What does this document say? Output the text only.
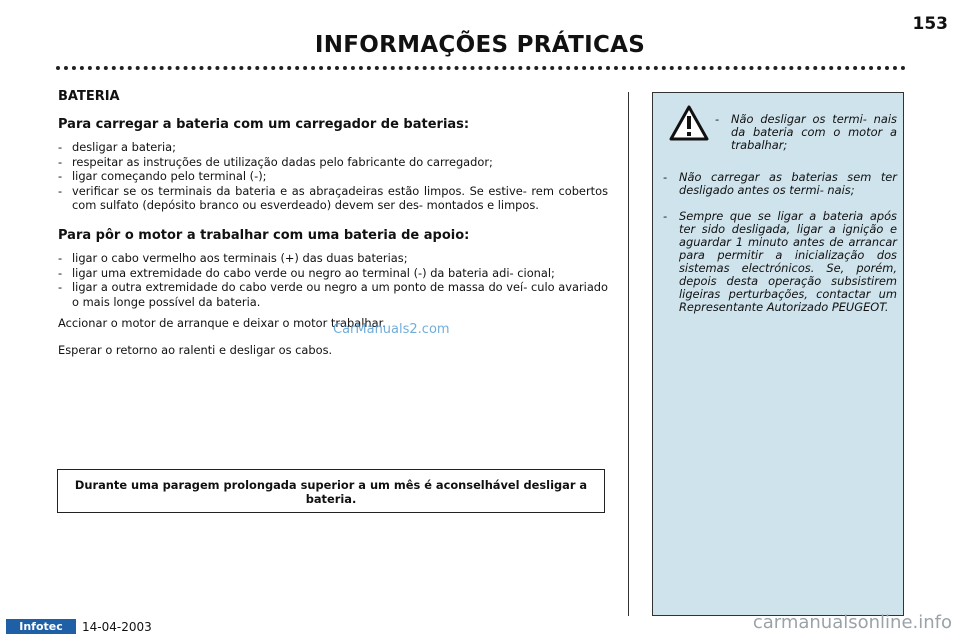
153
INFORMAÇÕES PRÁTICAS
BATERIA
Para carregar a bateria com um carregador de baterias:
- desligar a bateria;
- respeitar as instruções de utilização dadas pelo fabricante do carregador;
- ligar começando pelo terminal (-);
- verificar se os terminais da bateria e as abraçadeiras estão limpos. Se estive- rem cobertos com sulfato (depósito branco ou esverdeado) devem ser des- montados e limpos.
Para pôr o motor a trabalhar com uma bateria de apoio:
- ligar o cabo vermelho aos terminais (+) das duas baterias;
- ligar uma extremidade do cabo verde ou negro ao terminal (-) da bateria adi- cional;
- ligar a outra extremidade do cabo verde ou negro a um ponto de massa do veí- culo avariado o mais longe possível da bateria.
Accionar o motor de arranque e deixar o motor trabalhar.
Esperar o retorno ao ralenti e desligar os cabos.
Durante uma paragem prolongada superior a um mês é aconselhável desligar a bateria.
- Não desligar os termi- nais da bateria com o motor a trabalhar;
- Não carregar as baterias sem ter desligado antes os termi- nais;
- Sempre que se ligar a bateria após ter sido desligada, ligar a ignição e aguardar 1 minuto antes de arrancar para permitir a inicialização dos sistemas electrónicos. Se, porém, depois desta operação subsistirem ligeiras perturbações, contactar um Representante Autorizado PEUGEOT.
CarManuals2.com
Infotec	14-04-2003	carmanualsonline.info
